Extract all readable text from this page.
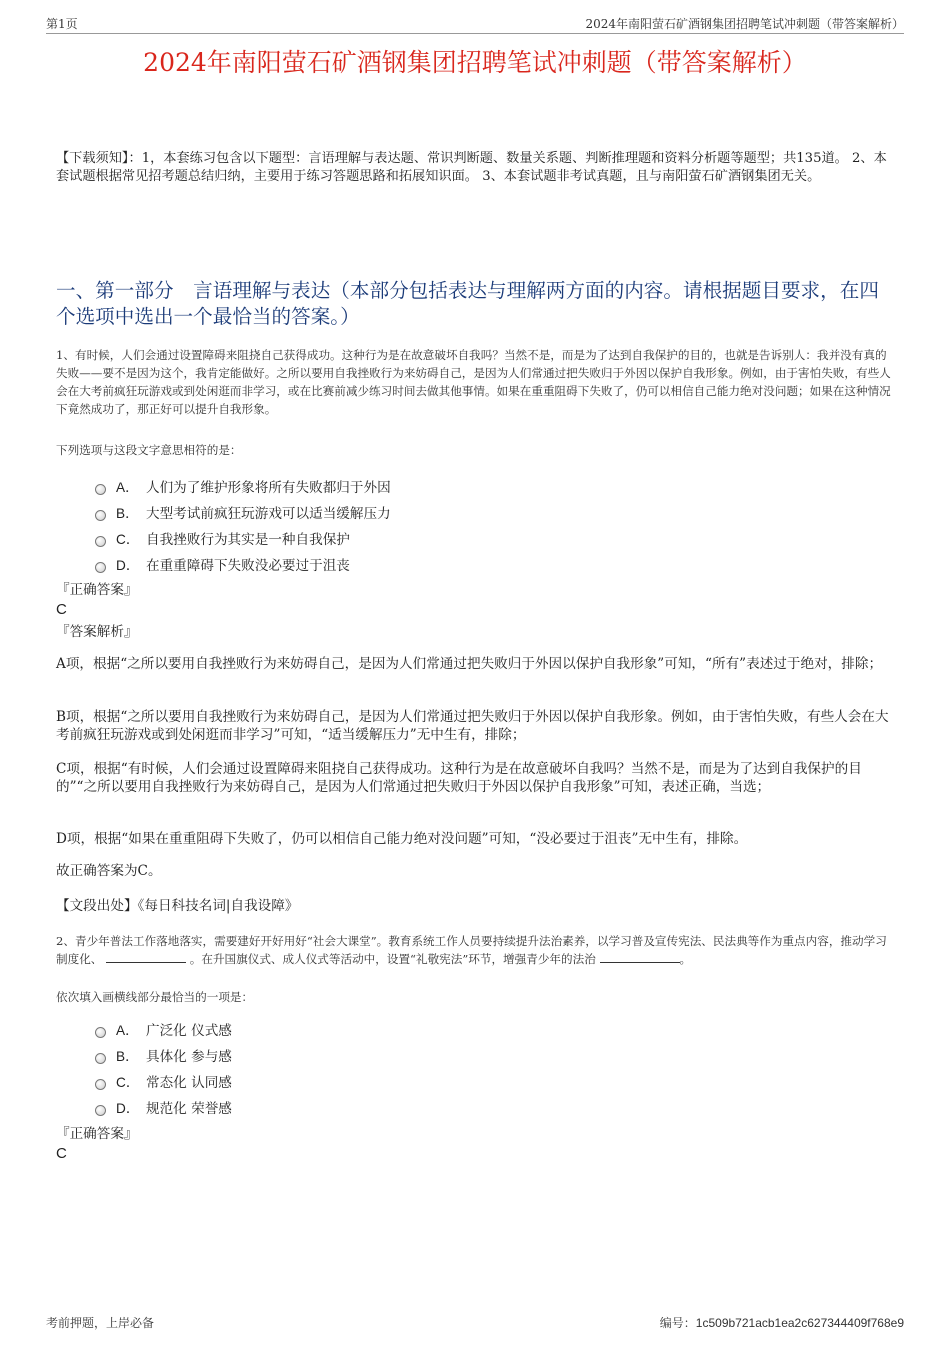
第1页	2024年南阳萤石矿酒钢集团招聘笔试冲刺题（带答案解析）
2024年南阳萤石矿酒钢集团招聘笔试冲刺题（带答案解析）
【下载须知】：1，本套练习包含以下题型：言语理解与表达题、常识判断题、数量关系题、判断推理题和资料分析题等题型；共135道。 2、本套试题根据常见招考题总结归纳，主要用于练习答题思路和拓展知识面。 3、本套试题非考试真题，且与南阳萤石矿酒钢集团无关。
一、第一部分　言语理解与表达（本部分包括表达与理解两方面的内容。请根据题目要求，在四个选项中选出一个最恰当的答案。）
1、有时候，人们会通过设置障碍来阻挠自己获得成功。这种行为是在故意破坏自我吗？当然不是，而是为了达到自我保护的目的，也就是告诉别人：我并没有真的失败——要不是因为这个，我肯定能做好。之所以要用自我挫败行为来妨碍自己，是因为人们常通过把失败归于外因以保护自我形象。例如，由于害怕失败，有些人会在大考前疯狂玩游戏或到处闲逛而非学习，或在比赛前减少练习时间去做其他事情。如果在重重阻碍下失败了，仍可以相信自己能力绝对没问题；如果在这种情况下竟然成功了，那正好可以提升自我形象。
下列选项与这段文字意思相符的是：
A． 人们为了维护形象将所有失败都归于外因
B． 大型考试前疯狂玩游戏可以适当缓解压力
C． 自我挫败行为其实是一种自我保护
D． 在重重障碍下失败没必要过于沮丧
『正确答案』
C
『答案解析』
A项，根据“之所以要用自我挫败行为来妨碍自己，是因为人们常通过把失败归于外因以保护自我形象”可知，“所有”表述过于绝对，排除；
B项，根据“之所以要用自我挫败行为来妨碍自己，是因为人们常通过把失败归于外因以保护自我形象。例如，由于害怕失败，有些人会在大考前疯狂玩游戏或到处闲逛而非学习”可知，“适当缓解压力”无中生有，排除；
C项，根据“有时候，人们会通过设置障碍来阻挠自己获得成功。这种行为是在故意破坏自我吗？当然不是，而是为了达到自我保护的目的”“之所以要用自我挫败行为来妨碍自己，是因为人们常通过把失败归于外因以保护自我形象”可知，表述正确，当选；
D项，根据“如果在重重阻碍下失败了，仍可以相信自己能力绝对没问题”可知，“没必要过于沮丧”无中生有，排除。
故正确答案为C。
【文段出处】《每日科技名词|自我设障》
2、青少年普法工作落地落实，需要建好开好用好“社会大课堂”。教育系统工作人员要持续提升法治素养，以学习普及宣传宪法、民法典等作为重点内容，推动学习制度化、	。在升国旗仪式、成人仪式等活动中，设置“礼敬宪法”环节，增强青少年的法治	。
依次填入画横线部分最恰当的一项是：
A． 广泛化 仪式感
B． 具体化 参与感
C． 常态化 认同感
D． 规范化 荣誉感
『正确答案』
C
考前押题，上岸必备	编号：1c509b721acb1ea2c627344409f768e9
